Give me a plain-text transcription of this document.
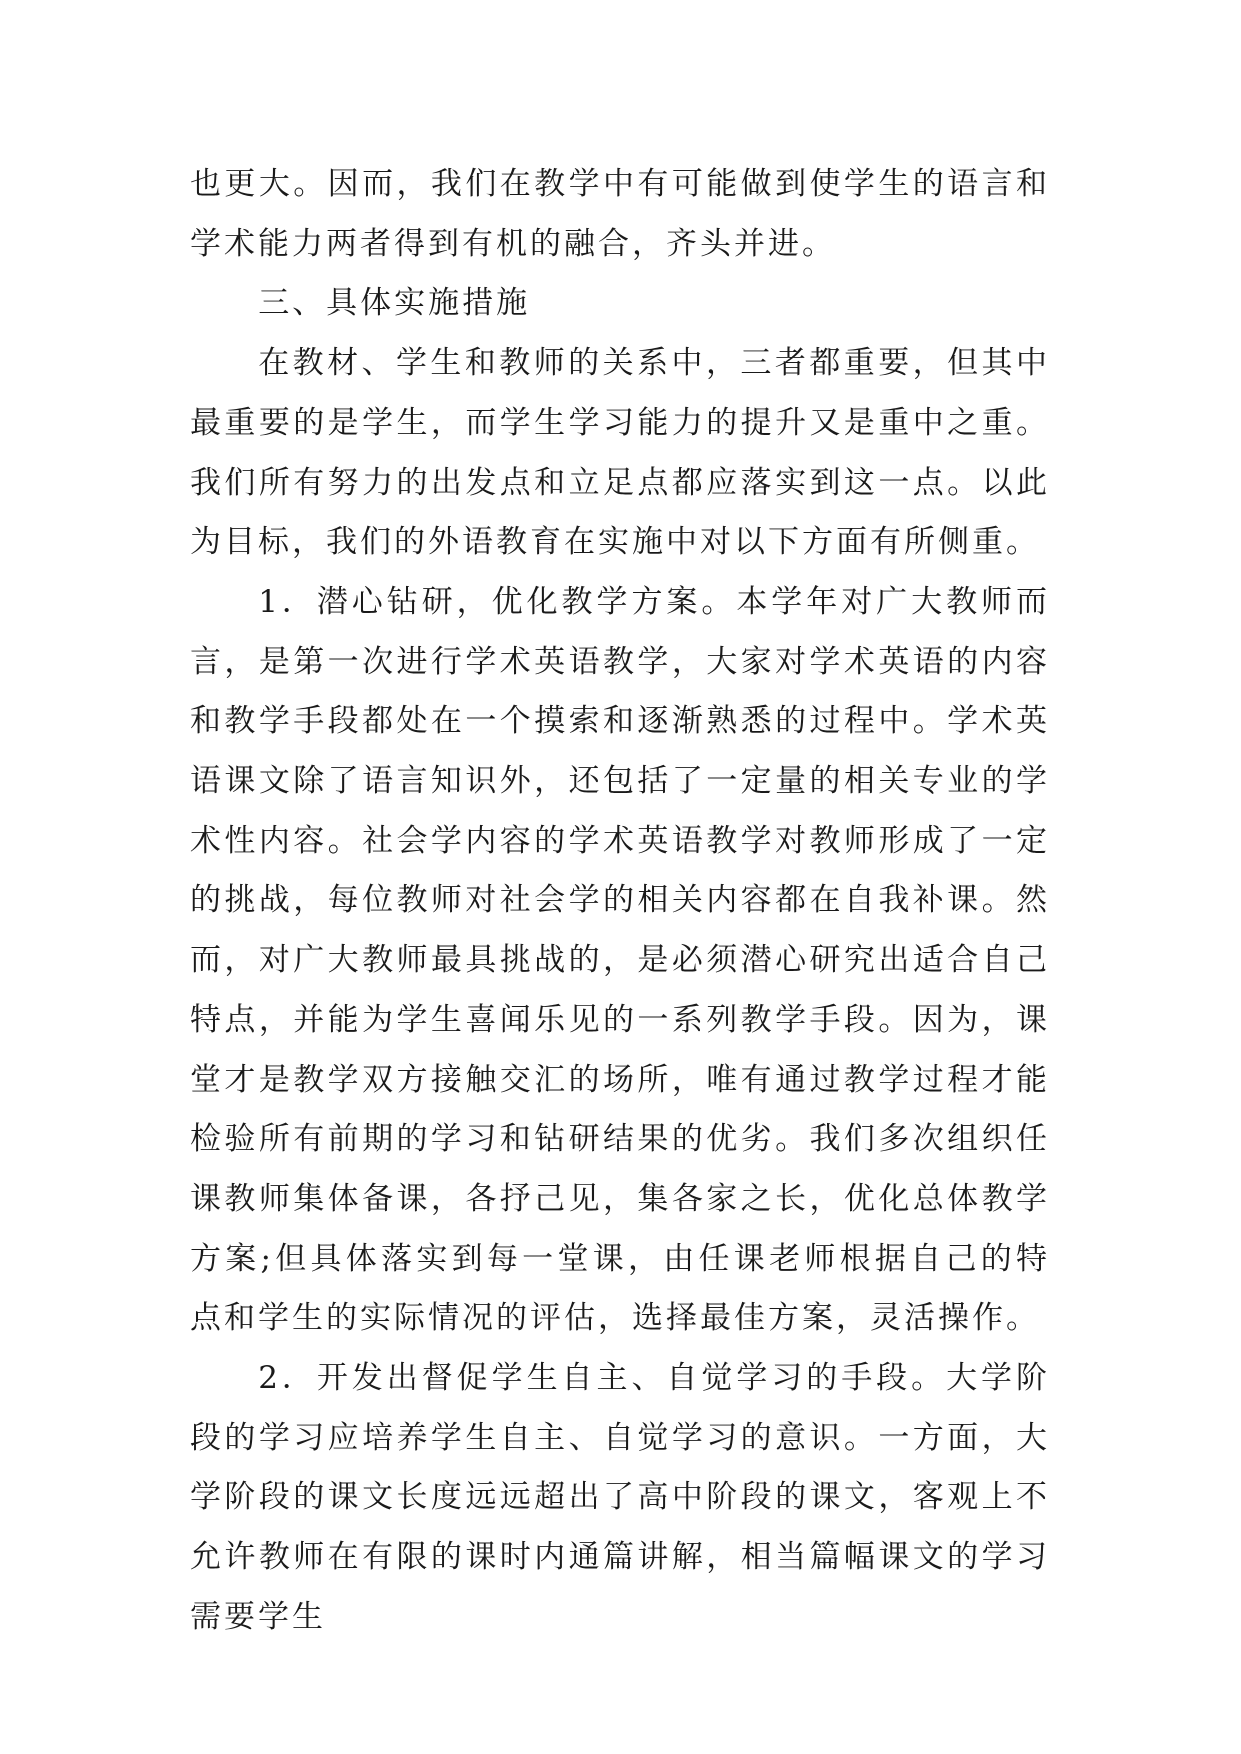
也更大。因而，我们在教学中有可能做到使学生的语言和学术能力两者得到有机的融合，齐头并进。

三、具体实施措施

在教材、学生和教师的关系中，三者都重要，但其中最重要的是学生，而学生学习能力的提升又是重中之重。我们所有努力的出发点和立足点都应落实到这一点。以此为目标，我们的外语教育在实施中对以下方面有所侧重。

1．潜心钻研，优化教学方案。本学年对广大教师而言，是第一次进行学术英语教学，大家对学术英语的内容和教学手段都处在一个摸索和逐渐熟悉的过程中。学术英语课文除了语言知识外，还包括了一定量的相关专业的学术性内容。社会学内容的学术英语教学对教师形成了一定的挑战，每位教师对社会学的相关内容都在自我补课。然而，对广大教师最具挑战的，是必须潜心研究出适合自己特点，并能为学生喜闻乐见的一系列教学手段。因为，课堂才是教学双方接触交汇的场所，唯有通过教学过程才能检验所有前期的学习和钻研结果的优劣。我们多次组织任课教师集体备课，各抒己见，集各家之长，优化总体教学方案;但具体落实到每一堂课，由任课老师根据自己的特点和学生的实际情况的评估，选择最佳方案，灵活操作。

2．开发出督促学生自主、自觉学习的手段。大学阶段的学习应培养学生自主、自觉学习的意识。一方面，大学阶段的课文长度远远超出了高中阶段的课文，客观上不允许教师在有限的课时内通篇讲解，相当篇幅课文的学习需要学生
